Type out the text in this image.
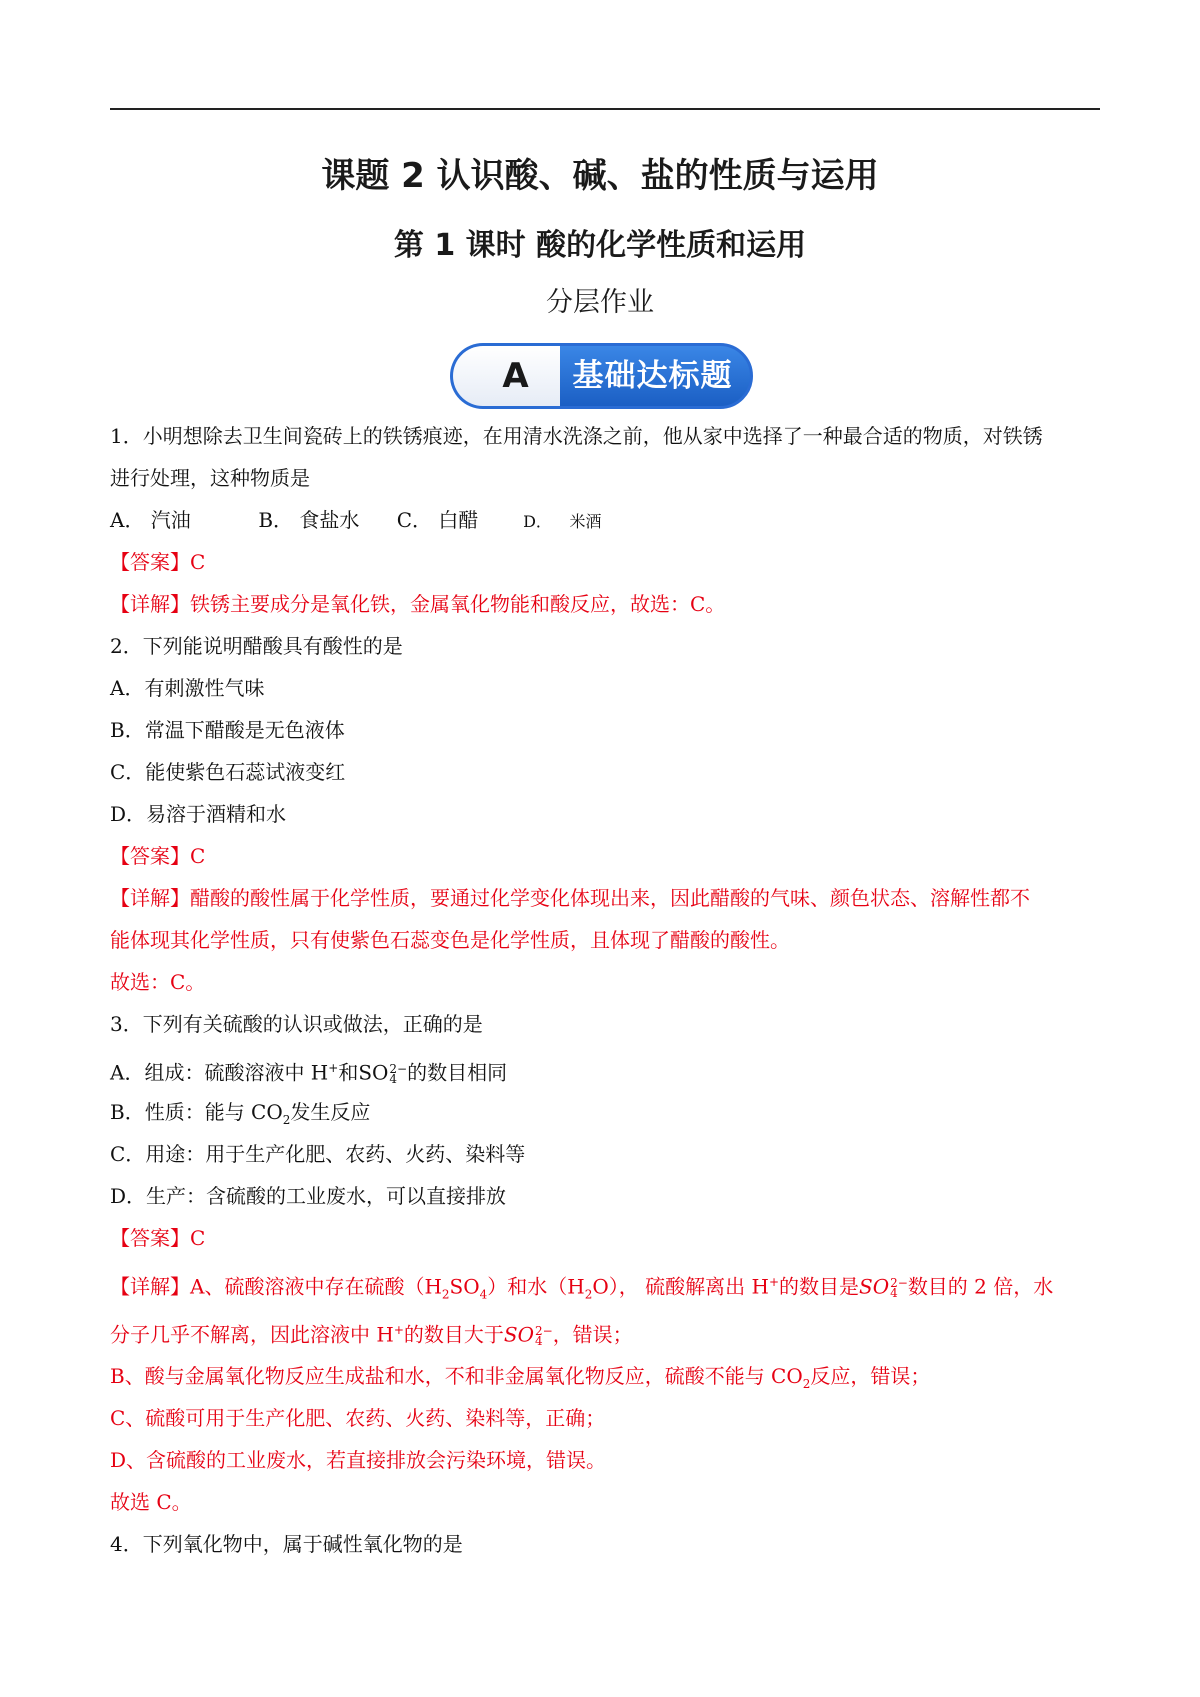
课题 2 认识酸、碱、盐的性质与运用
第 1 课时 酸的化学性质和运用
分层作业
基础达标题
A
1．小明想除去卫生间瓷砖上的铁锈痕迹，在用清水洗涤之前，他从家中选择了一种最合适的物质，对铁锈
进行处理，这种物质是
A． 汽油	B． 食盐水 C． 白醋	D． 米酒
【答案】C
【详解】铁锈主要成分是氧化铁，金属氧化物能和酸反应，故选：C。
2．下列能说明醋酸具有酸性的是
A．有刺激性气味
B．常温下醋酸是无色液体
C．能使紫色石蕊试液变红
D．易溶于酒精和水
【答案】C
【详解】醋酸的酸性属于化学性质，要通过化学变化体现出来，因此醋酸的气味、颜色状态、溶解性都不
能体现其化学性质，只有使紫色石蕊变色是化学性质，且体现了醋酸的酸性。
故选：C。
3．下列有关硫酸的认识或做法，正确的是
A．组成：硫酸溶液中 H+和SO 2−
4 的数目相同
B．性质：能与 $CO_2$发生反应
C．用途：用于生产化肥、农药、火药、染料等
D．生产：含硫酸的工业废水，可以直接排放
【答案】C
【详解】A、硫酸溶液中存在硫酸$(H_2SO_4)$和水$(H_2O)$， 硫酸解离出 H+的数目是SO 2−
4 数目的 2 倍，水
分子几乎不解离，因此溶液中 H+的数目大于SO 2−
4 ，错误；
B、酸与金属氧化物反应生成盐和水，不和非金属氧化物反应，硫酸不能与 $CO_2$反应，错误；
C、硫酸可用于生产化肥、农药、火药、染料等，正确；
D、含硫酸的工业废水，若直接排放会污染环境，错误。
故选 C。
4．下列氧化物中，属于碱性氧化物的是
